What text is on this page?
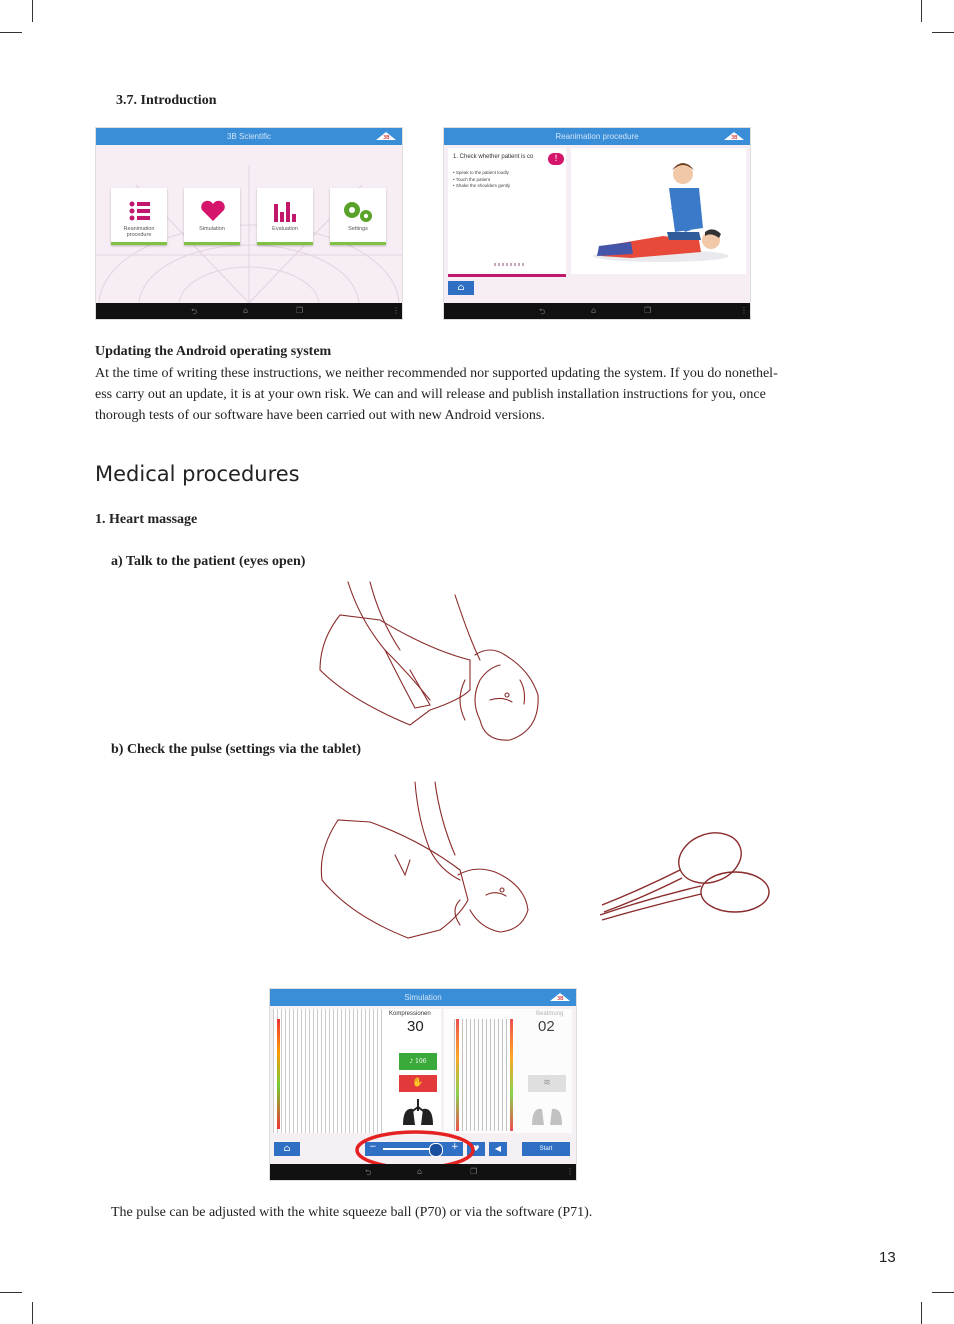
3.7. Introduction
3B Scientific	3B
Reanimation procedure
Simulation	Evaluation	Settings
⮌	⌂	❐	⋮
Reanimation procedure	3B
1. Check whether patient is co
• Speak to the patient loudly
• Touch the patient
• Shake the shoulders gently
!
⌂
⮌	⌂	❐	⋮
Updating the Android operating system
At the time of writing these instructions, we neither recommended nor supported updating the system. If you do nonethel-
ess carry out an update, it is at your own risk. We can and will release and publish installation instructions for you, once
thorough tests of our software have been carried out with new Android versions.
Medical procedures
1. Heart massage
a) Talk to the patient (eyes open)
b) Check the pulse (settings via the tablet)
Simulation	3B
Kompressionen
30
♪ 106
✋
Beatmung
02
≋
⌂	−	+	♥	◀	Start
⮌	⌂	❐	⋮
The pulse can be adjusted with the white squeeze ball (P70) or via the software (P71).
13
